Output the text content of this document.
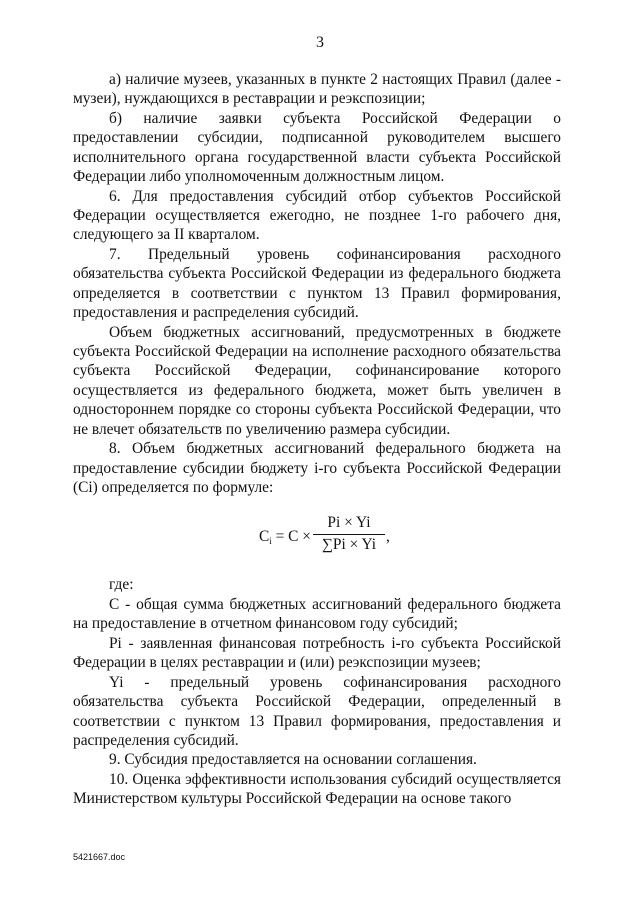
3

а) наличие музеев, указанных в пункте 2 настоящих Правил (далее - музеи), нуждающихся в реставрации и реэкспозиции;

б) наличие заявки субъекта Российской Федерации о предоставлении субсидии, подписанной руководителем высшего исполнительного органа государственной власти субъекта Российской Федерации либо уполномоченным должностным лицом.

6. Для предоставления субсидий отбор субъектов Российской Федерации осуществляется ежегодно, не позднее 1-го рабочего дня, следующего за II кварталом.

7. Предельный уровень софинансирования расходного обязательства субъекта Российской Федерации из федерального бюджета определяется в соответствии с пунктом 13 Правил формирования, предоставления и распределения субсидий.

Объем бюджетных ассигнований, предусмотренных в бюджете субъекта Российской Федерации на исполнение расходного обязательства субъекта Российской Федерации, софинансирование которого осуществляется из федерального бюджета, может быть увеличен в одностороннем порядке со стороны субъекта Российской Федерации, что не влечет обязательств по увеличению размера субсидии.

8. Объем бюджетных ассигнований федерального бюджета на предоставление субсидии бюджету i-го субъекта Российской Федерации (Ci) определяется по формуле:

$C_i = C$ ×
Pi × Yi
∑Pi × Yi ,

где:

С - общая сумма бюджетных ассигнований федерального бюджета на предоставление в отчетном финансовом году субсидий;

Pi - заявленная финансовая потребность i-го субъекта Российской Федерации в целях реставрации и (или) реэкспозиции музеев;

Yi - предельный уровень софинансирования расходного обязательства субъекта Российской Федерации, определенный в соответствии с пунктом 13 Правил формирования, предоставления и распределения субсидий.

9. Субсидия предоставляется на основании соглашения.

10. Оценка эффективности использования субсидий осуществляется Министерством культуры Российской Федерации на основе такого

5421667.doc
